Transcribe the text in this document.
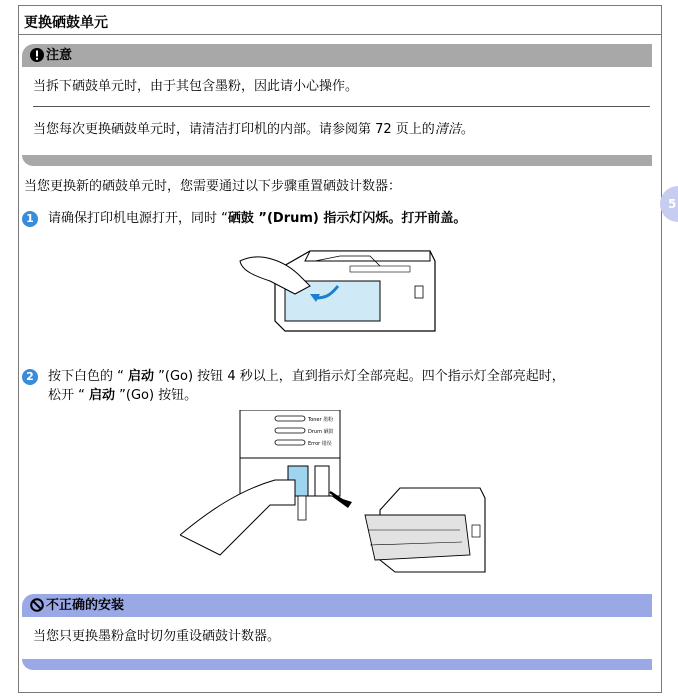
更换硒鼓单元
注意
当拆下硒鼓单元时，由于其包含墨粉，因此请小心操作。
当您每次更换硒鼓单元时，请清洁打印机的内部。请参阅第 72 页上的清洁。
当您更换新的硒鼓单元时，您需要通过以下步骤重置硒鼓计数器：
1	请确保打印机电源打开，同时 “硒鼓 ”(Drum) 指示灯闪烁。打开前盖。
2	按下白色的 “ 启动 ”(Go) 按钮 4 秒以上，直到指示灯全部亮起。四个指示灯全部亮起时，
松开 “ 启动 ”(Go) 按钮。
Toner 墨粉
Drum 硒鼓
Error 错误
不正确的安装
当您只更换墨粉盒时切勿重设硒鼓计数器。
5
